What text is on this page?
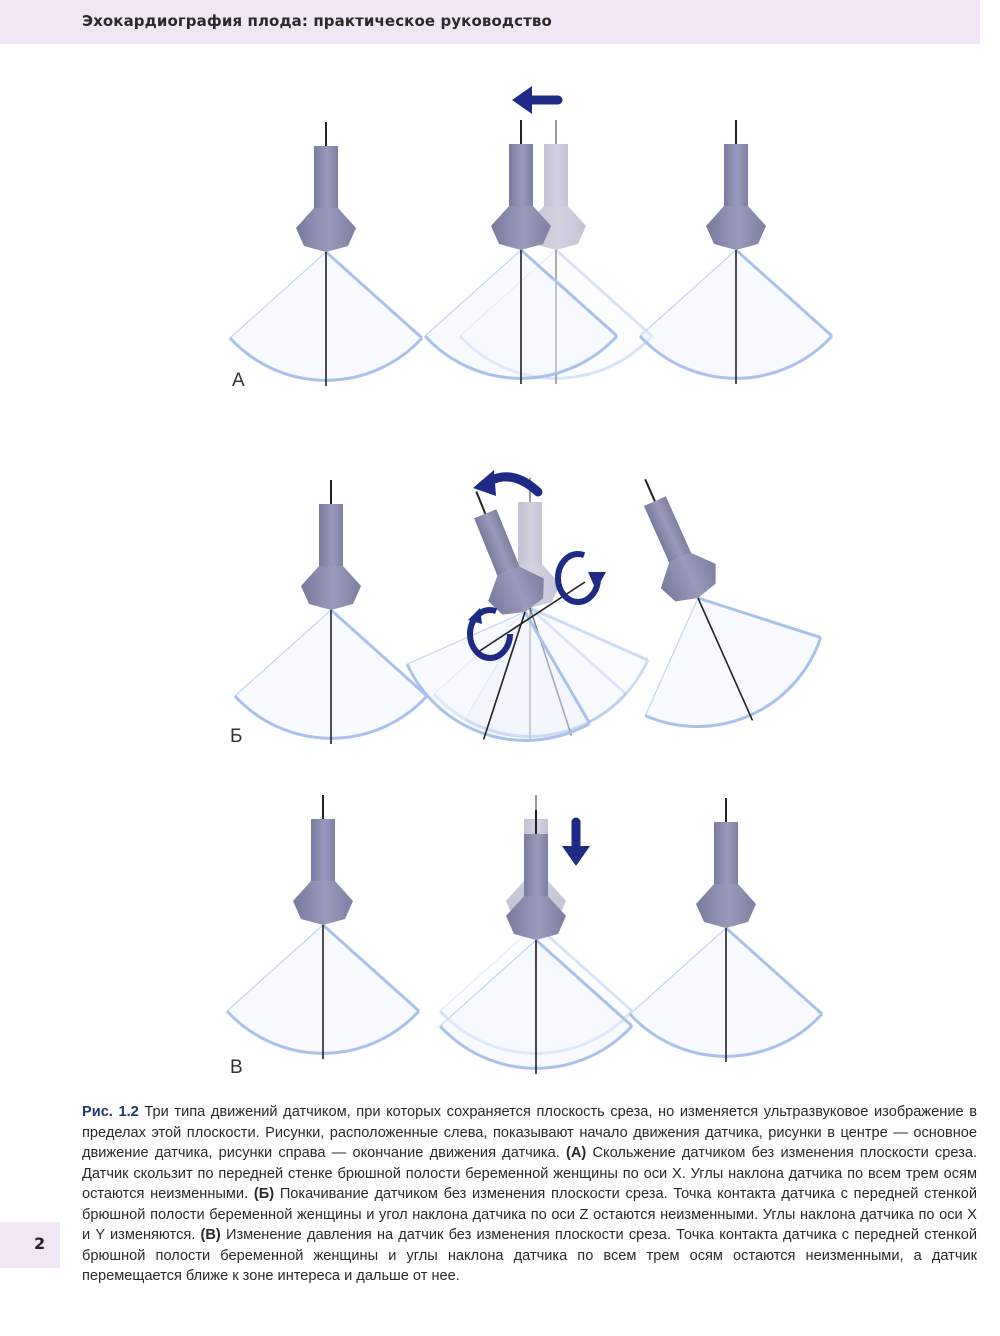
Эхокардиография плода: практическое руководство
А
Б
В
Рис. 1.2 Три типа движений датчиком, при которых сохраняется плоскость среза, но изменяется ультразвуковое изображение в пределах этой плоскости. Рисунки, расположенные слева, показывают начало движения датчика, рисунки в центре — основное движение датчика, рисунки справа — окончание движения датчика. (А) Скольжение датчиком без изменения плоскости среза. Датчик скользит по передней стенке брюшной полости беременной женщины по оси X. Углы наклона датчика по всем трем осям остаются неизменными. (Б) Покачивание датчиком без изменения плоскости среза. Точка контакта датчика с передней стенкой брюшной полости беременной женщины и угол наклона датчика по оси Z остаются неизменными. Углы наклона датчика по оси X и Y изменяются. (В) Изменение давления на датчик без изменения плоскости среза. Точка контакта датчика с передней стенкой брюшной полости беременной женщины и углы наклона датчика по всем трем осям остаются неизменными, а датчик перемещается ближе к зоне интереса и дальше от нее.
2
